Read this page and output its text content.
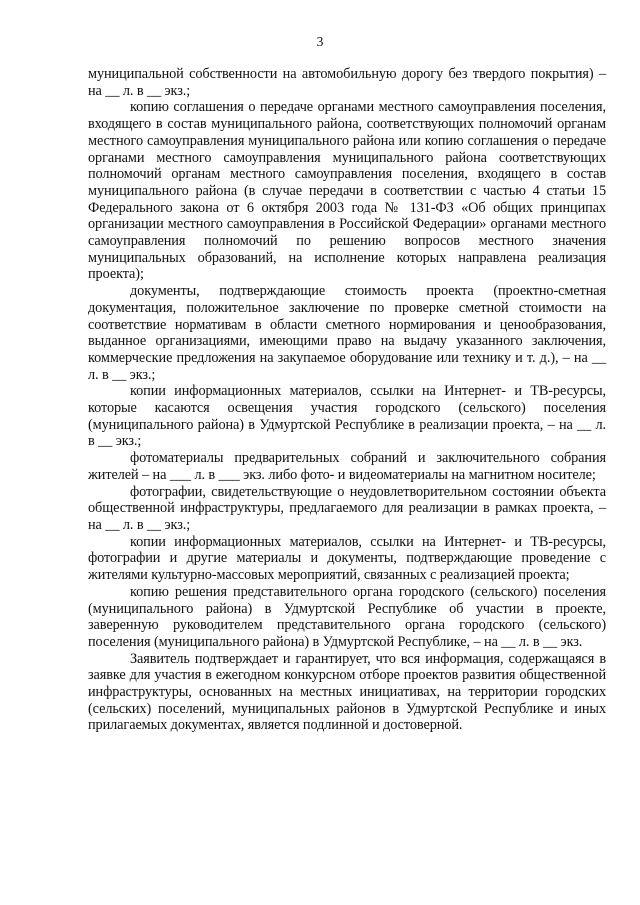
3

муниципальной собственности на автомобильную дорогу без твердого покрытия) – на __ л. в __ экз.;

копию соглашения о передаче органами местного самоуправления поселения, входящего в состав муниципального района, соответствующих полномочий органам местного самоуправления муниципального района или копию соглашения о передаче органами местного самоуправления муниципального района соответствующих полномочий органам местного самоуправления поселения, входящего в состав муниципального района (в случае передачи в соответствии с частью 4 статьи 15 Федерального закона от 6 октября 2003 года № 131-ФЗ «Об общих принципах организации местного самоуправления в Российской Федерации» органами местного самоуправления полномочий по решению вопросов местного значения муниципальных образований, на исполнение которых направлена реализация проекта);

документы, подтверждающие стоимость проекта (проектно-сметная документация, положительное заключение по проверке сметной стоимости на соответствие нормативам в области сметного нормирования и ценообразования, выданное организациями, имеющими право на выдачу указанного заключения, коммерческие предложения на закупаемое оборудование или технику и т. д.), – на __ л. в __ экз.;

копии информационных материалов, ссылки на Интернет- и ТВ-ресурсы, которые касаются освещения участия городского (сельского) поселения (муниципального района) в Удмуртской Республике в реализации проекта, – на __ л. в __ экз.;

фотоматериалы предварительных собраний и заключительного собрания жителей – на ___ л. в ___ экз. либо фото- и видеоматериалы на магнитном носителе;

фотографии, свидетельствующие о неудовлетворительном состоянии объекта общественной инфраструктуры, предлагаемого для реализации в рамках проекта, – на __ л. в __ экз.;

копии информационных материалов, ссылки на Интернет- и ТВ-ресурсы, фотографии и другие материалы и документы, подтверждающие проведение с жителями культурно-массовых мероприятий, связанных с реализацией проекта;

копию решения представительного органа городского (сельского) поселения (муниципального района) в Удмуртской Республике об участии в проекте, заверенную руководителем представительного органа городского (сельского) поселения (муниципального района) в Удмуртской Республике, – на __ л. в __ экз.

Заявитель подтверждает и гарантирует, что вся информация, содержащаяся в заявке для участия в ежегодном конкурсном отборе проектов развития общественной инфраструктуры, основанных на местных инициативах, на территории городских (сельских) поселений, муниципальных районов в Удмуртской Республике и иных прилагаемых документах, является подлинной и достоверной.
